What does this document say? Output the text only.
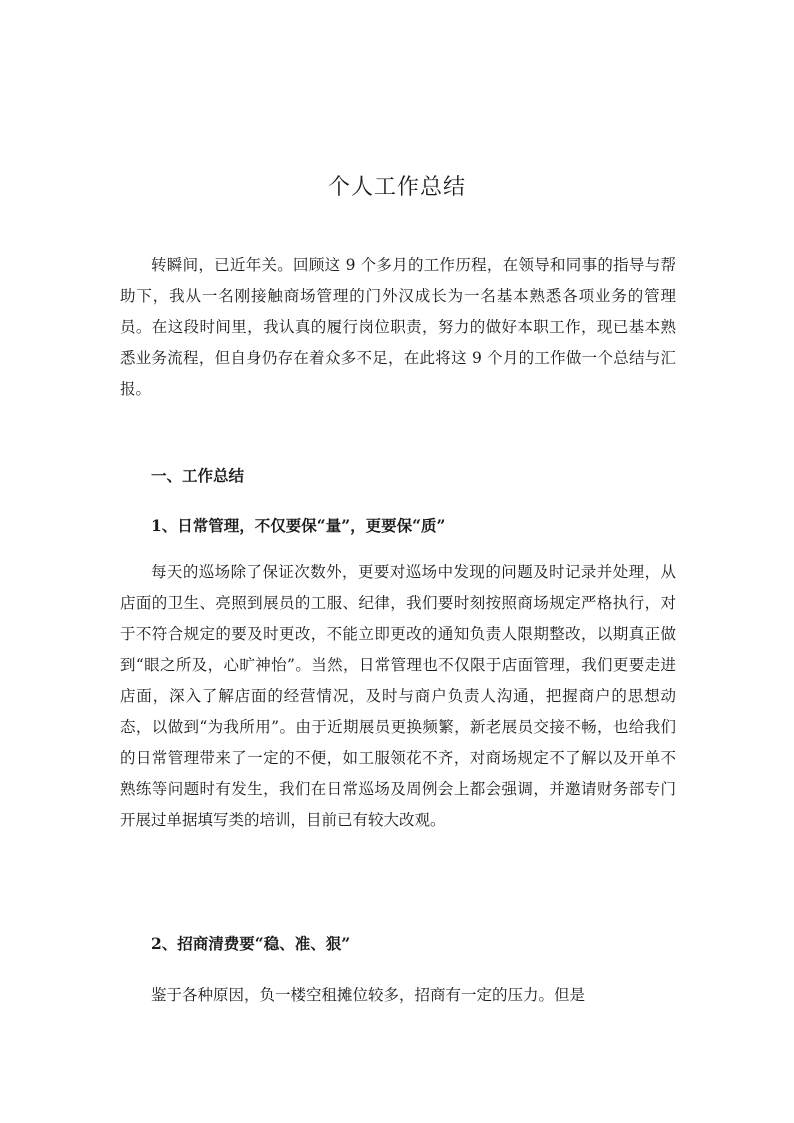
个人工作总结

转瞬间，已近年关。回顾这 9 个多月的工作历程，在领导和同事的指导与帮助下，我从一名刚接触商场管理的门外汉成长为一名基本熟悉各项业务的管理员。在这段时间里，我认真的履行岗位职责，努力的做好本职工作，现已基本熟悉业务流程，但自身仍存在着众多不足，在此将这 9 个月的工作做一个总结与汇报。

一、工作总结

1、日常管理，不仅要保“量”，更要保“质”

每天的巡场除了保证次数外，更要对巡场中发现的问题及时记录并处理，从店面的卫生、亮照到展员的工服、纪律，我们要时刻按照商场规定严格执行，对于不符合规定的要及时更改，不能立即更改的通知负责人限期整改，以期真正做到“眼之所及，心旷神怡”。当然，日常管理也不仅限于店面管理，我们更要走进店面，深入了解店面的经营情况，及时与商户负责人沟通，把握商户的思想动态，以做到“为我所用”。由于近期展员更换频繁，新老展员交接不畅，也给我们的日常管理带来了一定的不便，如工服领花不齐，对商场规定不了解以及开单不熟练等问题时有发生，我们在日常巡场及周例会上都会强调，并邀请财务部专门开展过单据填写类的培训，目前已有较大改观。

2、招商清费要“稳、准、狠”

鉴于各种原因，负一楼空租摊位较多，招商有一定的压力。但是
